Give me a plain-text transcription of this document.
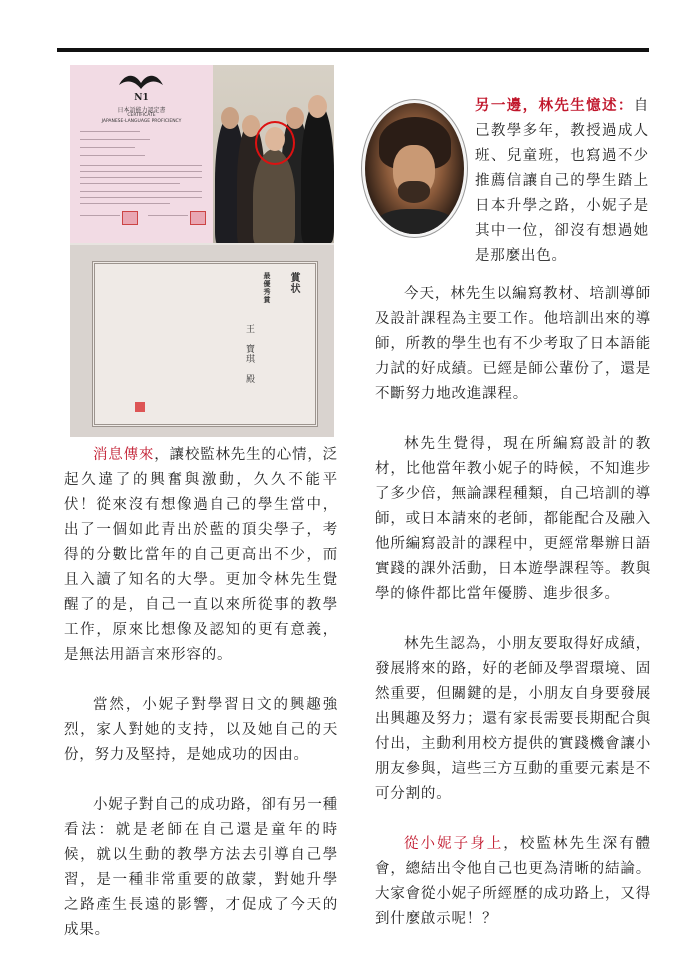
N1
日本語能力認定書
CERTIFICATE
JAPANESE-LANGUAGE PROFICIENCY
賞状
最優秀賞
王　寶琪　殿

消息傳來，讓校監林先生的心情，泛起久違了的興奮與激動，久久不能平伏！從來沒有想像過自己的學生當中，出了一個如此青出於藍的頂尖學子，考得的分數比當年的自己更高出不少，而且入讀了知名的大學。更加令林先生覺醒了的是，自己一直以來所從事的教學工作，原來比想像及認知的更有意義，是無法用語言來形容的。

當然，小妮子對學習日文的興趣強烈，家人對她的支持，以及她自己的天份，努力及堅持，是她成功的因由。

小妮子對自己的成功路，卻有另一種看法：就是老師在自己還是童年的時候，就以生動的教學方法去引導自己學習，是一種非常重要的啟蒙，對她升學之路產生長遠的影響，才促成了今天的成果。

另一邊，林先生憶述：自己教學多年，教授過成人班、兒童班，也寫過不少推薦信讓自己的學生踏上日本升學之路，小妮子是其中一位，卻沒有想過她是那麼出色。

今天，林先生以編寫教材、培訓導師及設計課程為主要工作。他培訓出來的導師，所教的學生也有不少考取了日本語能力試的好成績。已經是師公輩份了，還是不斷努力地改進課程。

林先生覺得，現在所編寫設計的教材，比他當年教小妮子的時候，不知進步了多少倍，無論課程種類，自己培訓的導師，或日本請來的老師，都能配合及融入他所編寫設計的課程中，更經常舉辦日語實踐的課外活動，日本遊學課程等。教與學的條件都比當年優勝、進步很多。

林先生認為，小朋友要取得好成績，發展將來的路，好的老師及學習環境、固然重要，但關鍵的是，小朋友自身要發展出興趣及努力；還有家長需要長期配合與付出，主動利用校方提供的實踐機會讓小朋友參與，這些三方互動的重要元素是不可分割的。

從小妮子身上，校監林先生深有體會，總結出令他自己也更為清晰的結論。大家會從小妮子所經歷的成功路上，又得到什麼啟示呢！？
